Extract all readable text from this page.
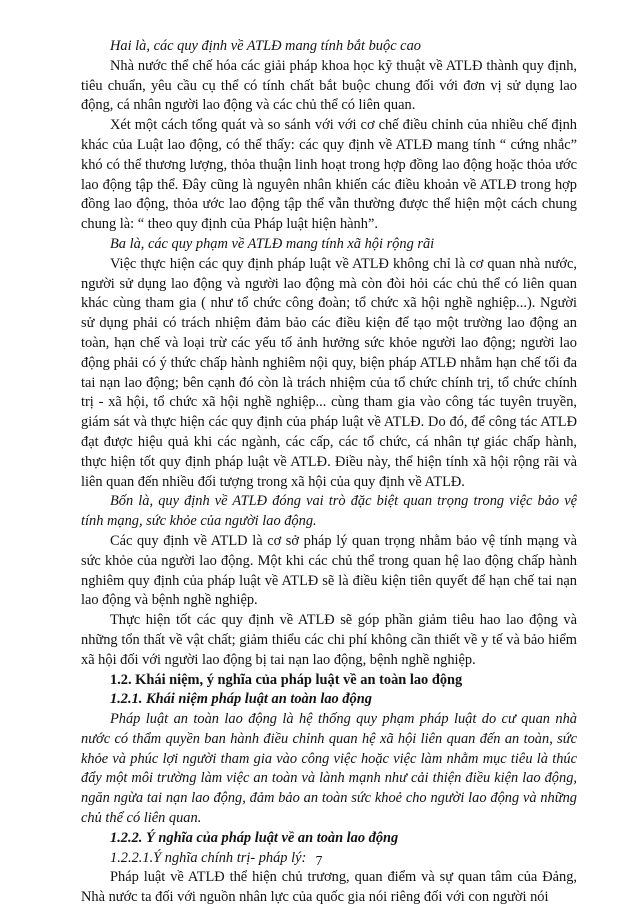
Hai là, các quy định về ATLĐ mang tính bắt buộc cao

Nhà nước thể chế hóa các giải pháp khoa học kỹ thuật về ATLĐ thành quy định, tiêu chuẩn, yêu cầu cụ thể có tính chất bắt buộc chung đối với đơn vị sử dụng lao động, cá nhân người lao động và các chủ thể có liên quan.

Xét một cách tổng quát và so sánh với với cơ chế điều chỉnh của nhiều chế định khác của Luật lao động, có thể thấy: các quy định về ATLĐ mang tính “ cứng nhắc” khó có thể thương lượng, thỏa thuận linh hoạt trong hợp đồng lao động hoặc thỏa ước lao động tập thể. Đây cũng là nguyên nhân khiến các điều khoản về ATLĐ trong hợp đồng lao động, thỏa ước lao động tập thể vẫn thường được thể hiện một cách chung chung là: “ theo quy định của Pháp luật hiện hành”.

Ba là, các quy phạm về ATLĐ mang tính xã hội rộng rãi

Việc thực hiện các quy định pháp luật về ATLĐ không chỉ là cơ quan nhà nước, người sử dụng lao động và người lao động mà còn đòi hỏi các chủ thể có liên quan khác cùng tham gia ( như tổ chức công đoàn; tổ chức xã hội nghề nghiệp...). Người sử dụng phải có trách nhiệm đảm bảo các điều kiện để tạo một trường lao động an toàn, hạn chế và loại trừ các yếu tố ảnh hưởng sức khỏe người lao động; người lao động phải có ý thức chấp hành nghiêm nội quy, biện pháp ATLĐ nhằm hạn chế tối đa tai nạn lao động; bên cạnh đó còn là trách nhiệm của tổ chức chính trị, tổ chức chính trị - xã hội, tổ chức xã hội nghề nghiệp... cùng tham gia vào công tác tuyên truyền, giám sát và thực hiện các quy định của pháp luật về ATLĐ. Do đó, để công tác ATLĐ đạt được hiệu quả khi các ngành, các cấp, các tổ chức, cá nhân tự giác chấp hành, thực hiện tốt quy định pháp luật về ATLĐ. Điều này, thể hiện tính xã hội rộng rãi và liên quan đến nhiều đối tượng trong xã hội của quy định về ATLĐ.

Bốn là, quy định về ATLĐ đóng vai trò đặc biệt quan trọng trong việc bảo vệ tính mạng, sức khỏe của người lao động.

Các quy định về ATLD là cơ sở pháp lý quan trọng nhằm bảo vệ tính mạng và sức khỏe của người lao động. Một khi các chủ thể trong quan hệ lao động chấp hành nghiêm quy định của pháp luật về ATLĐ sẽ là điều kiện tiên quyết để hạn chế tai nạn lao động và bệnh nghề nghiệp.

Thực hiện tốt các quy định về ATLĐ sẽ góp phần giảm tiêu hao lao động và những tổn thất về vật chất; giảm thiểu các chi phí không cần thiết về y tế và bảo hiểm xã hội đối với người lao động bị tai nạn lao động, bệnh nghề nghiệp.

1.2. Khái niệm, ý nghĩa của pháp luật về an toàn lao động

1.2.1. Khái niệm pháp luật an toàn lao động

Pháp luật an toàn lao động là hệ thống quy phạm pháp luật do cư quan nhà nước có thẩm quyền ban hành điều chỉnh quan hệ xã hội liên quan đến an toàn, sức khỏe và phúc lợi người tham gia vào công việc hoặc việc làm nhằm mục tiêu là thúc đẩy một môi trường làm việc an toàn và lành mạnh như cải thiện điều kiện lao động, ngăn ngừa tai nạn lao động, đảm bảo an toàn sức khoẻ cho người lao động và những chủ thể có liên quan.

1.2.2. Ý nghĩa của pháp luật về an toàn lao động

1.2.2.1.Ý nghĩa chính trị- pháp lý:

Pháp luật về ATLĐ thể hiện chủ trương, quan điểm và sự quan tâm của Đảng, Nhà nước ta đối với nguồn nhân lực của quốc gia nói riêng đối với con người nói

7
